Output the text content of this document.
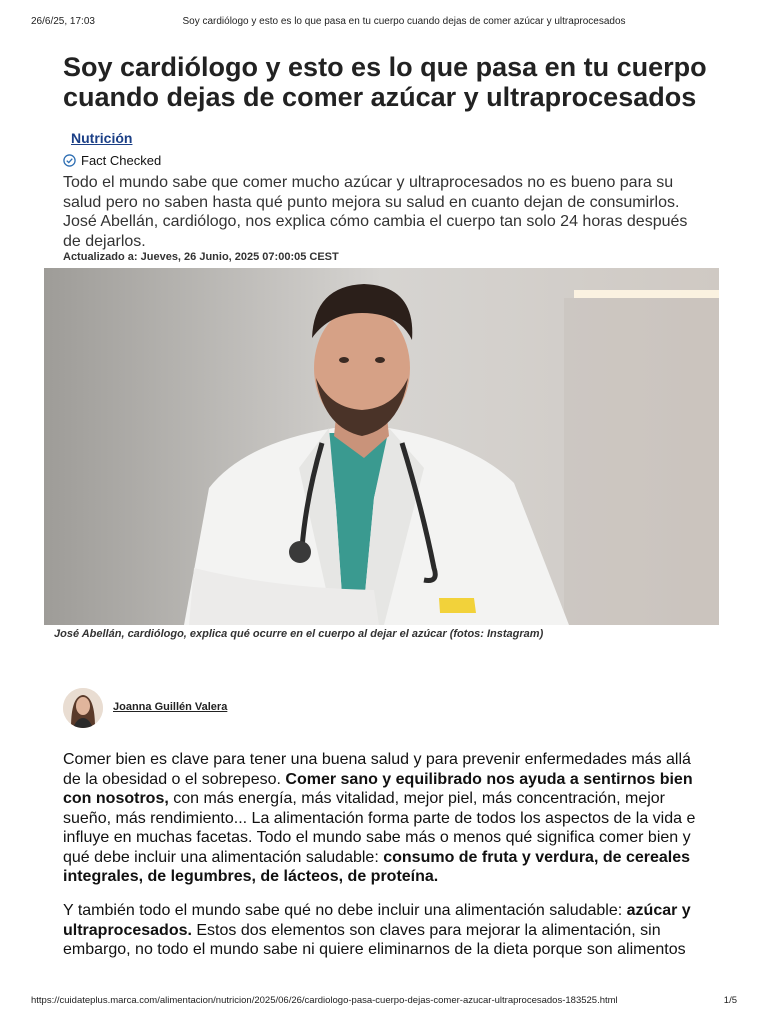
26/6/25, 17:03	Soy cardiólogo y esto es lo que pasa en tu cuerpo cuando dejas de comer azúcar y ultraprocesados
Soy cardiólogo y esto es lo que pasa en tu cuerpo cuando dejas de comer azúcar y ultraprocesados
Nutrición
Fact Checked

Todo el mundo sabe que comer mucho azúcar y ultraprocesados no es bueno para su salud pero no saben hasta qué punto mejora su salud en cuanto dejan de consumirlos. José Abellán, cardiólogo, nos explica cómo cambia el cuerpo tan solo 24 horas después de dejarlos.

Actualizado a: Jueves, 26 Junio, 2025 07:00:05 CEST
José Abellán, cardiólogo, explica qué ocurre en el cuerpo al dejar el azúcar (fotos: Instagram)
Joanna Guillén Valera

Comer bien es clave para tener una buena salud y para prevenir enfermedades más allá de la obesidad o el sobrepeso. Comer sano y equilibrado nos ayuda a sentirnos bien con nosotros, con más energía, más vitalidad, mejor piel, más concentración, mejor sueño, más rendimiento... La alimentación forma parte de todos los aspectos de la vida e influye en muchas facetas. Todo el mundo sabe más o menos qué significa comer bien y qué debe incluir una alimentación saludable: consumo de fruta y verdura, de cereales integrales, de legumbres, de lácteos, de proteína.

Y también todo el mundo sabe qué no debe incluir una alimentación saludable: azúcar y ultraprocesados. Estos dos elementos son claves para mejorar la alimentación, sin embargo, no todo el mundo sabe ni quiere eliminarnos de la dieta porque son alimentos

https://cuidateplus.marca.com/alimentacion/nutricion/2025/06/26/cardiologo-pasa-cuerpo-dejas-comer-azucar-ultraprocesados-183525.html	1/5
